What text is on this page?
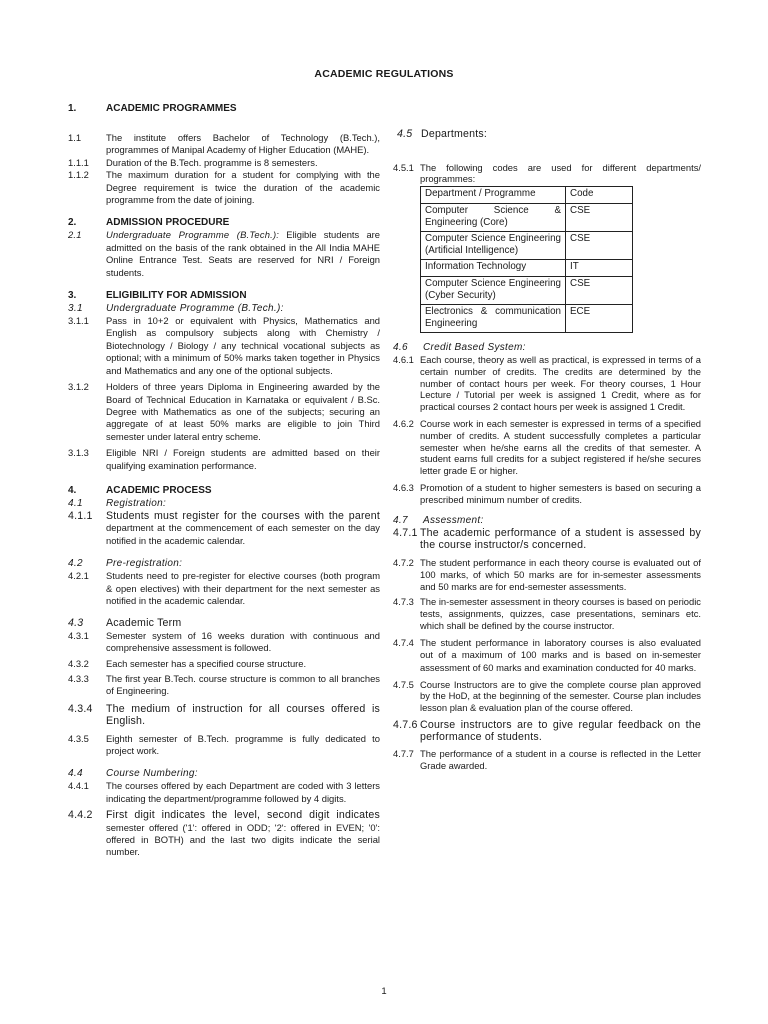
ACADEMIC REGULATIONS
1.	ACADEMIC PROGRAMMES
1.1	The institute offers Bachelor of Technology (B.Tech.), programmes of Manipal Academy of Higher Education (MAHE).
1.1.1	Duration of the B.Tech. programme is 8 semesters.
1.1.2	The maximum duration for a student for complying with the Degree requirement is twice the duration of the academic programme from the date of joining.
2.	ADMISSION PROCEDURE
2.1	Undergraduate Programme (B.Tech.): Eligible students are admitted on the basis of the rank obtained in the All India MAHE Online Entrance Test. Seats are reserved for NRI / Foreign students.
3.	ELIGIBILITY FOR ADMISSION
3.1	Undergraduate Programme (B.Tech.):
3.1.1	Pass in 10+2 or equivalent with Physics, Mathematics and English as compulsory subjects along with Chemistry / Biotechnology / Biology / any technical vocational subjects as optional; with a minimum of 50% marks taken together in Physics and Mathematics and any one of the optional subjects.
3.1.2	Holders of three years Diploma in Engineering awarded by the Board of Technical Education in Karnataka or equivalent / B.Sc. Degree with Mathematics as one of the subjects; securing an aggregate of at least 50% marks are eligible to join Third semester under lateral entry scheme.
3.1.3	Eligible NRI / Foreign students are admitted based on their qualifying examination performance.
4.	ACADEMIC PROCESS
4.1	Registration:
4.1.1	Students must register for the courses with the parent department at the commencement of each semester on the day notified in the academic calendar.
4.2	Pre-registration:
4.2.1	Students need to pre-register for elective courses (both program & open electives) with their department for the next semester as notified in the academic calendar.
4.3	Academic Term
4.3.1	Semester system of 16 weeks duration with continuous and comprehensive assessment is followed.
4.3.2	Each semester has a specified course structure.
4.3.3	The first year B.Tech. course structure is common to all branches of Engineering.
4.3.4	The medium of instruction for all courses offered is English.
4.3.5	Eighth semester of B.Tech. programme is fully dedicated to project work.
4.4	Course Numbering:
4.4.1	The courses offered by each Department are coded with 3 letters indicating the department/programme followed by 4 digits.
4.4.2	First digit indicates the level, second digit indicates semester offered ('1': offered in ODD; '2': offered in EVEN; '0': offered in BOTH) and the last two digits indicate the serial number.
4.5 Departments:
4.5.1 The following codes are used for different departments/ programmes:
Department / Programme	Code
Computer Science & Engineering (Core)	CSE
Computer Science Engineering (Artificial Intelligence)	CSE
Information Technology	IT
Computer Science Engineering (Cyber Security)	CSE
Electronics & communication Engineering	ECE
4.6	Credit Based System:
4.6.1 Each course, theory as well as practical, is expressed in terms of a certain number of credits. The credits are determined by the number of contact hours per week. For theory courses, 1 Hour Lecture / Tutorial per week is assigned 1 Credit, where as for practical courses 2 contact hours per week is assigned 1 Credit.
4.6.2 Course work in each semester is expressed in terms of a specified number of credits. A student successfully completes a particular semester when he/she earns all the credits of that semester. A student earns full credits for a subject registered if he/she secures letter grade E or higher.
4.6.3 Promotion of a student to higher semesters is based on securing a prescribed minimum number of credits.
4.7	Assessment:
4.7.1 The academic performance of a student is assessed by the course instructor/s concerned.
4.7.2 The student performance in each theory course is evaluated out of 100 marks, of which 50 marks are for in-semester assessments and 50 marks are for end-semester assessments.
4.7.3 The in-semester assessment in theory courses is based on periodic tests, assignments, quizzes, case presentations, seminars etc. which shall be defined by the course instructor.
4.7.4 The student performance in laboratory courses is also evaluated out of a maximum of 100 marks and is based on in-semester assessment of 60 marks and examination conducted for 40 marks.
4.7.5 Course Instructors are to give the complete course plan approved by the HoD, at the beginning of the semester. Course plan includes lesson plan & evaluation plan of the course offered.
4.7.6 Course instructors are to give regular feedback on the performance of students.
4.7.7 The performance of a student in a course is reflected in the Letter Grade awarded.
1
